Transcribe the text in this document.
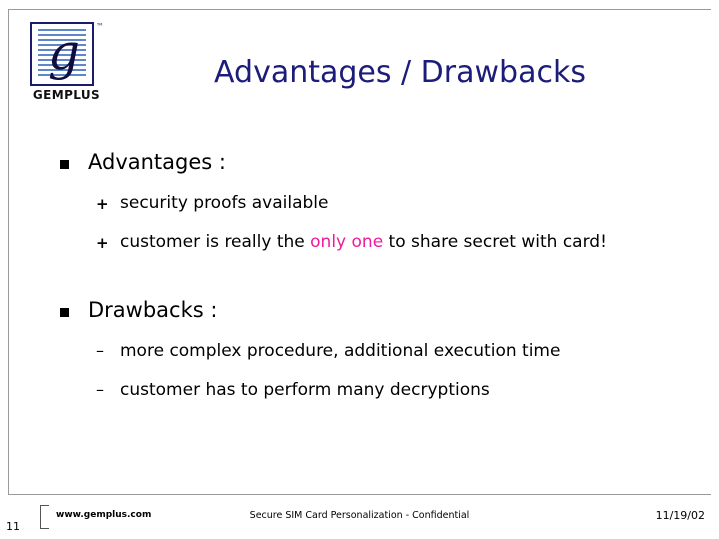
g	™
GEMPLUS
Advantages / Drawbacks
Advantages :
+ security proofs available
+ customer is really the only one to share secret with card!
Drawbacks :
– more complex procedure, additional execution time
– customer has to perform many decryptions
www.gemplus.com	Secure SIM Card Personalization - Confidential	11/19/02
11
